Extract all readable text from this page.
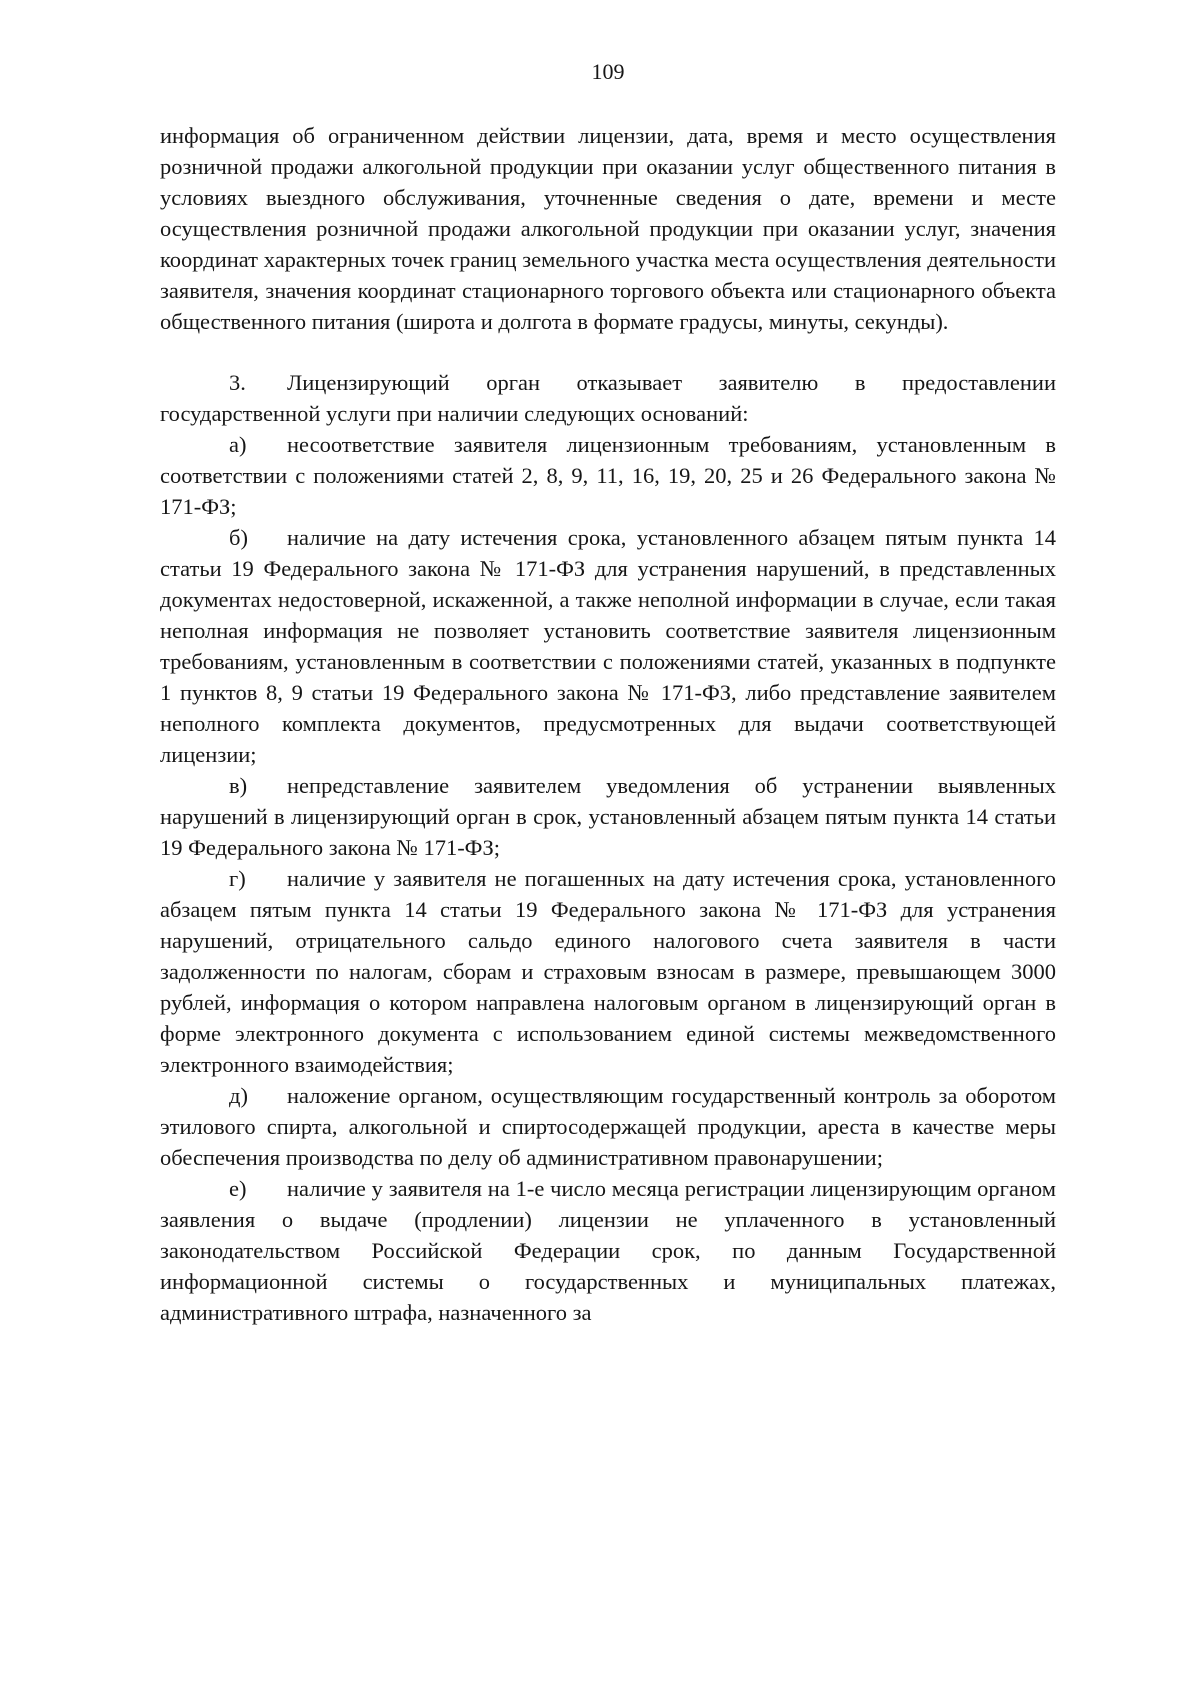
109

информация об ограниченном действии лицензии, дата, время и место осуществления розничной продажи алкогольной продукции при оказании услуг общественного питания в условиях выездного обслуживания, уточненные сведения о дате, времени и месте осуществления розничной продажи алкогольной продукции при оказании услуг, значения координат характерных точек границ земельного участка места осуществления деятельности заявителя, значения координат стационарного торгового объекта или стационарного объекта общественного питания (широта и долгота в формате градусы, минуты, секунды).

3. Лицензирующий орган отказывает заявителю в предоставлении государственной услуги при наличии следующих оснований:

а) несоответствие заявителя лицензионным требованиям, установленным в соответствии с положениями статей 2, 8, 9, 11, 16, 19, 20, 25 и 26 Федерального закона № 171-ФЗ;

б) наличие на дату истечения срока, установленного абзацем пятым пункта 14 статьи 19 Федерального закона № 171-ФЗ для устранения нарушений, в представленных документах недостоверной, искаженной, а также неполной информации в случае, если такая неполная информация не позволяет установить соответствие заявителя лицензионным требованиям, установленным в соответствии с положениями статей, указанных в подпункте 1 пунктов 8, 9 статьи 19 Федерального закона № 171-ФЗ, либо представление заявителем неполного комплекта документов, предусмотренных для выдачи соответствующей лицензии;

в) непредставление заявителем уведомления об устранении выявленных нарушений в лицензирующий орган в срок, установленный абзацем пятым пункта 14 статьи 19 Федерального закона № 171-ФЗ;

г) наличие у заявителя не погашенных на дату истечения срока, установленного абзацем пятым пункта 14 статьи 19 Федерального закона № 171-ФЗ для устранения нарушений, отрицательного сальдо единого налогового счета заявителя в части задолженности по налогам, сборам и страховым взносам в размере, превышающем 3000 рублей, информация о котором направлена налоговым органом в лицензирующий орган в форме электронного документа с использованием единой системы межведомственного электронного взаимодействия;

д) наложение органом, осуществляющим государственный контроль за оборотом этилового спирта, алкогольной и спиртосодержащей продукции, ареста в качестве меры обеспечения производства по делу об административном правонарушении;

е) наличие у заявителя на 1-е число месяца регистрации лицензирующим органом заявления о выдаче (продлении) лицензии не уплаченного в установленный законодательством Российской Федерации срок, по данным Государственной информационной системы о государственных и муниципальных платежах, административного штрафа, назначенного за
